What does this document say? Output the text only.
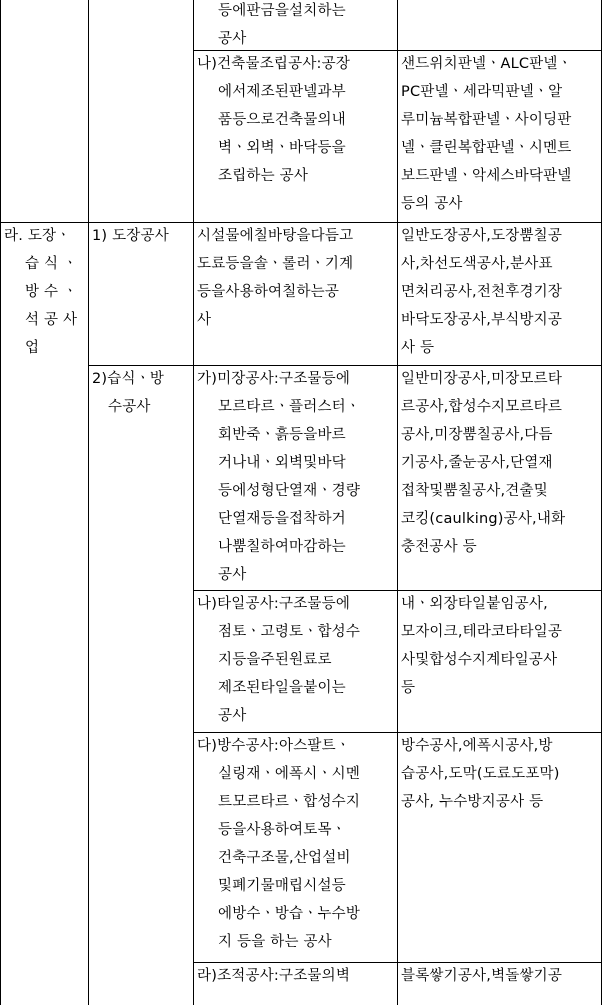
등에판금을설치하는
공사
나)건축물조립공사:공장
에서제조된판넬과부
품등으로건축물의내
벽ㆍ외벽ㆍ바닥등을
조립하는 공사
샌드위치판넬ㆍALC판넬ㆍ
PC판넬ㆍ세라믹판넬ㆍ알
루미늄복합판넬ㆍ사이딩판
넬ㆍ클린복합판넬ㆍ시멘트
보드판넬ㆍ악세스바닥판넬
등의 공사
라. 도장ㆍ
습 식 ㆍ
방 수 ㆍ
석 공 사
업
1) 도장공사	시설물에칠바탕을다듬고
도료등을솔ㆍ롤러ㆍ기계
등을사용하여칠하는공
사
일반도장공사,도장뿜칠공
사,차선도색공사,분사표
면처리공사,전천후경기장
바닥도장공사,부식방지공
사 등
2)습식ㆍ방
수공사
가)미장공사:구조물등에
모르타르ㆍ플러스터ㆍ
회반죽ㆍ흙등을바르
거나내ㆍ외벽및바닥
등에성형단열재ㆍ경량
단열재등을접착하거
나뿜칠하여마감하는
공사
일반미장공사,미장모르타
르공사,합성수지모르타르
공사,미장뿜칠공사,다듬
기공사,줄눈공사,단열재
접착및뿜칠공사,견출및
코킹(caulking)공사,내화
충전공사 등
나)타일공사:구조물등에
점토ㆍ고령토ㆍ합성수
지등을주된원료로
제조된타일을붙이는
공사
내ㆍ외장타일붙임공사,
모자이크,테라코타타일공
사및합성수지계타일공사
등
다)방수공사:아스팔트ㆍ
실링재ㆍ에폭시ㆍ시멘
트모르타르ㆍ합성수지
등을사용하여토목ㆍ
건축구조물,산업설비
및폐기물매립시설등
에방수ㆍ방습ㆍ누수방
지 등을 하는 공사
방수공사,에폭시공사,방
습공사,도막(도료도포막)
공사, 누수방지공사 등
라)조적공사:구조물의벽	블록쌓기공사,벽돌쌓기공
